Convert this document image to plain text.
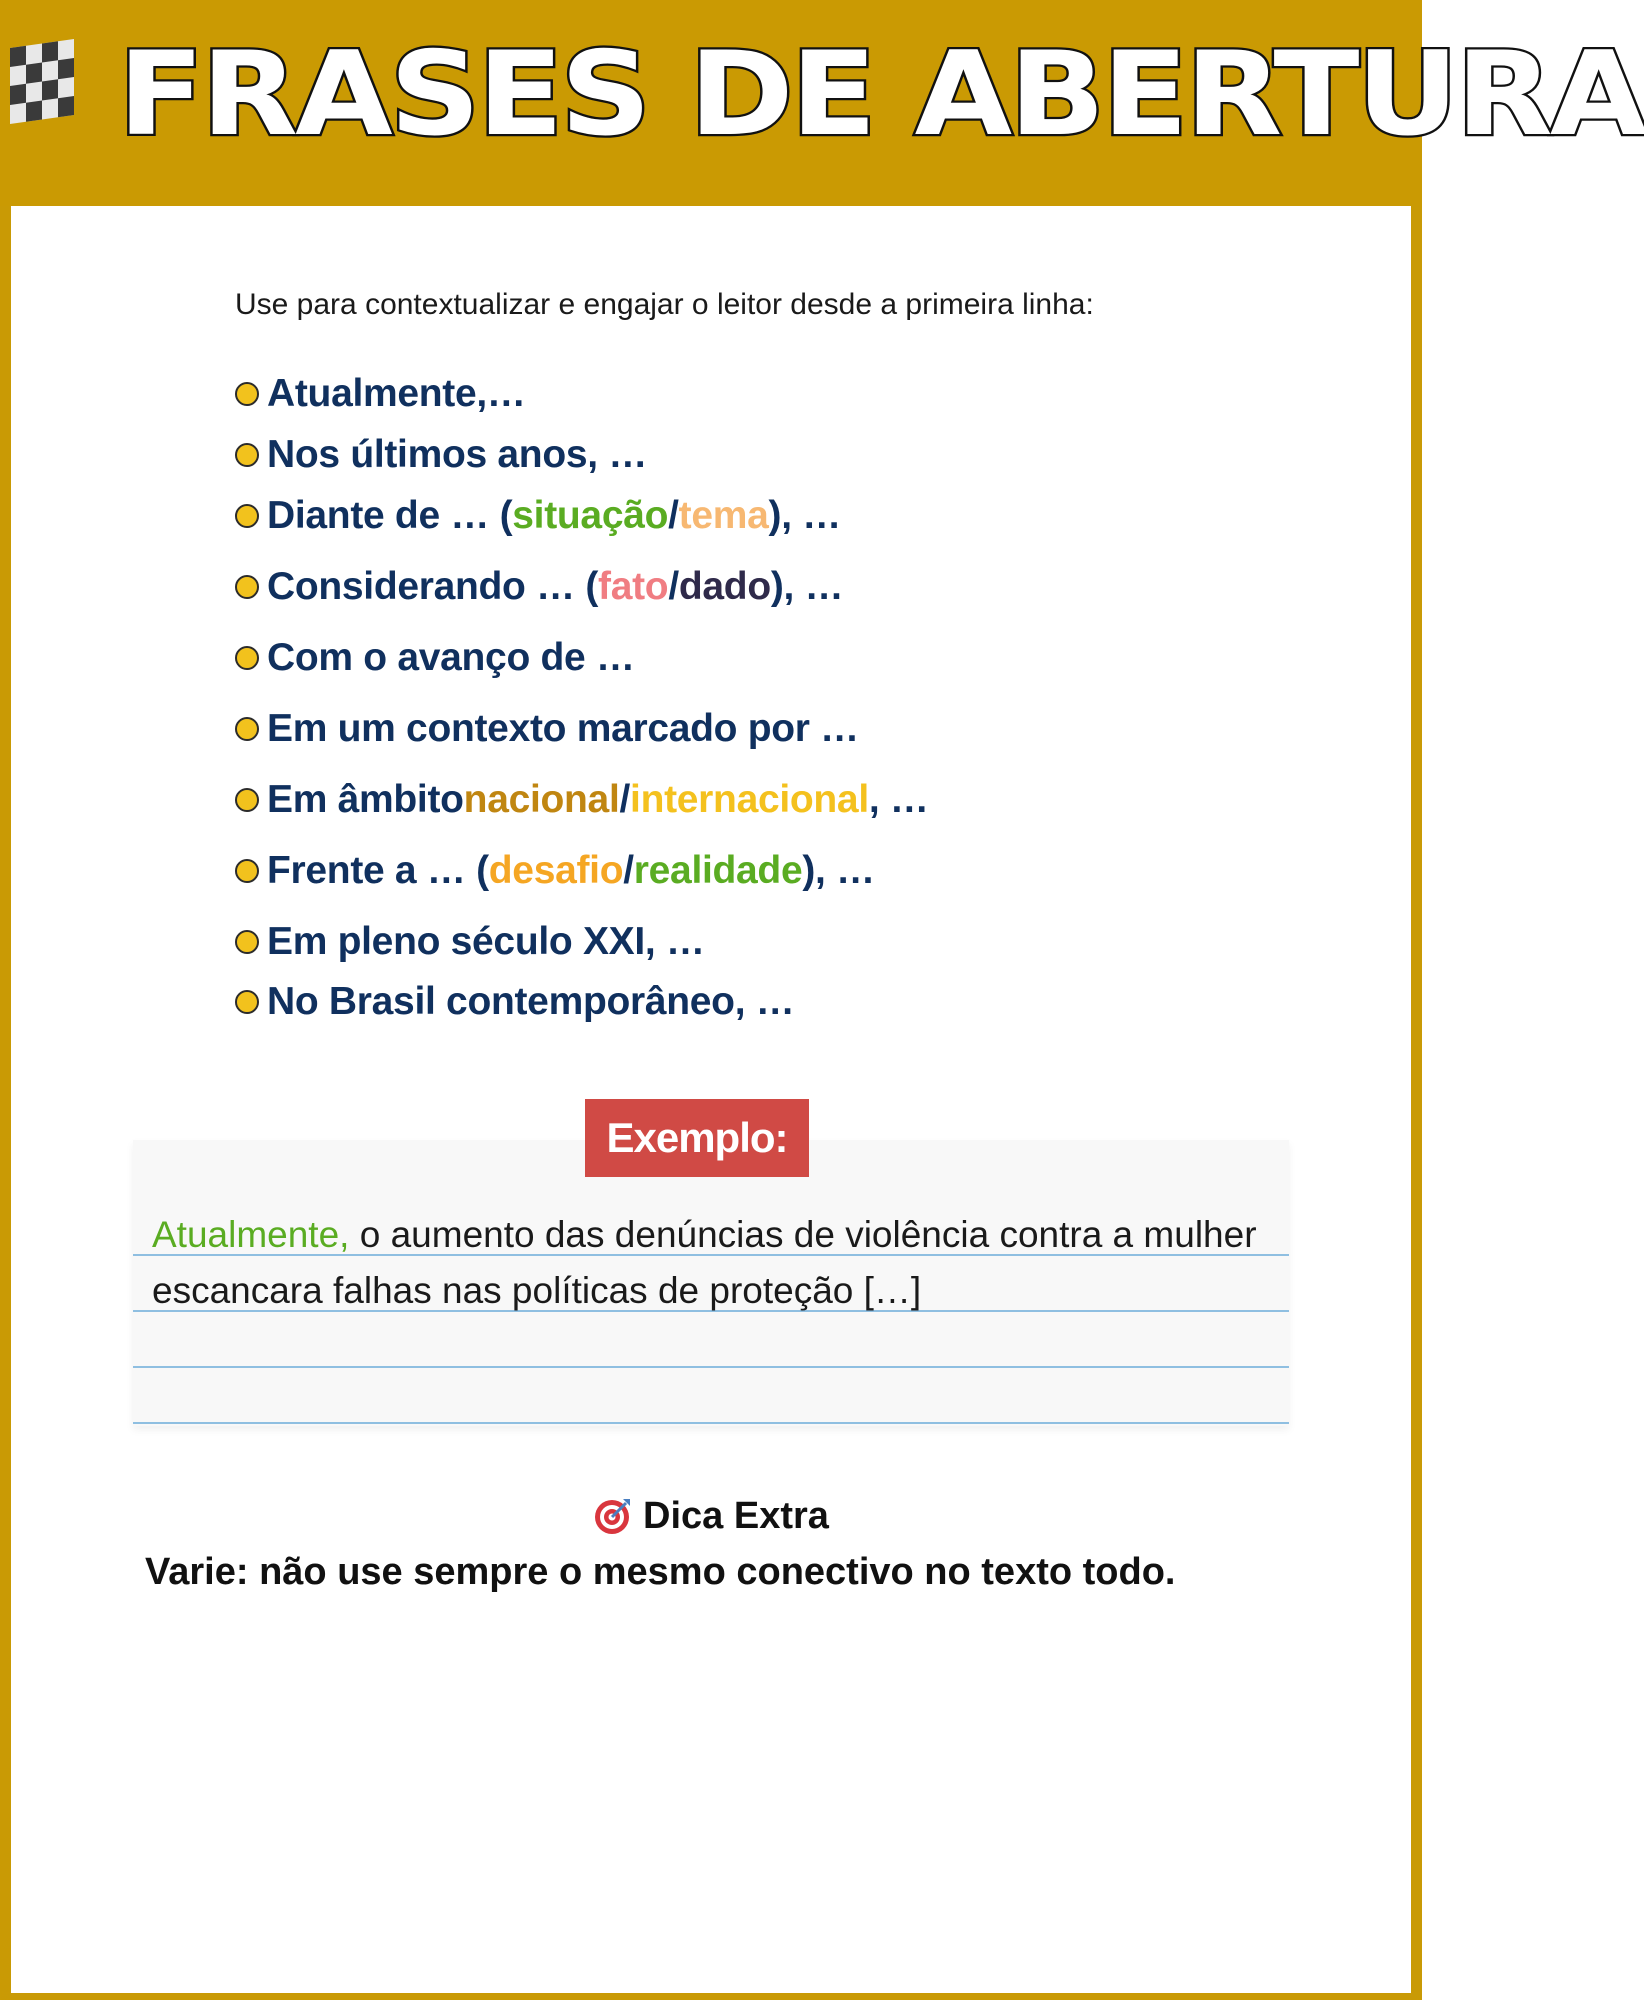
FRASES DE ABERTURA
Use para contextualizar e engajar o leitor desde a primeira linha:
Atualmente,…
Nos últimos anos, …
Diante de … ( situação / tema ), …
Considerando … ( fato / dado ), …
Com o avanço de …
Em um contexto marcado por …
Em âmbito nacional / internacional , …
Frente a … ( desafio / realidade ), …
Em pleno século XXI, …
No Brasil contemporâneo, …
Exemplo:
Atualmente, o aumento das denúncias de violência contra a mulher escancara falhas nas políticas de proteção […]
Dica Extra
Varie: não use sempre o mesmo conectivo no texto todo.
